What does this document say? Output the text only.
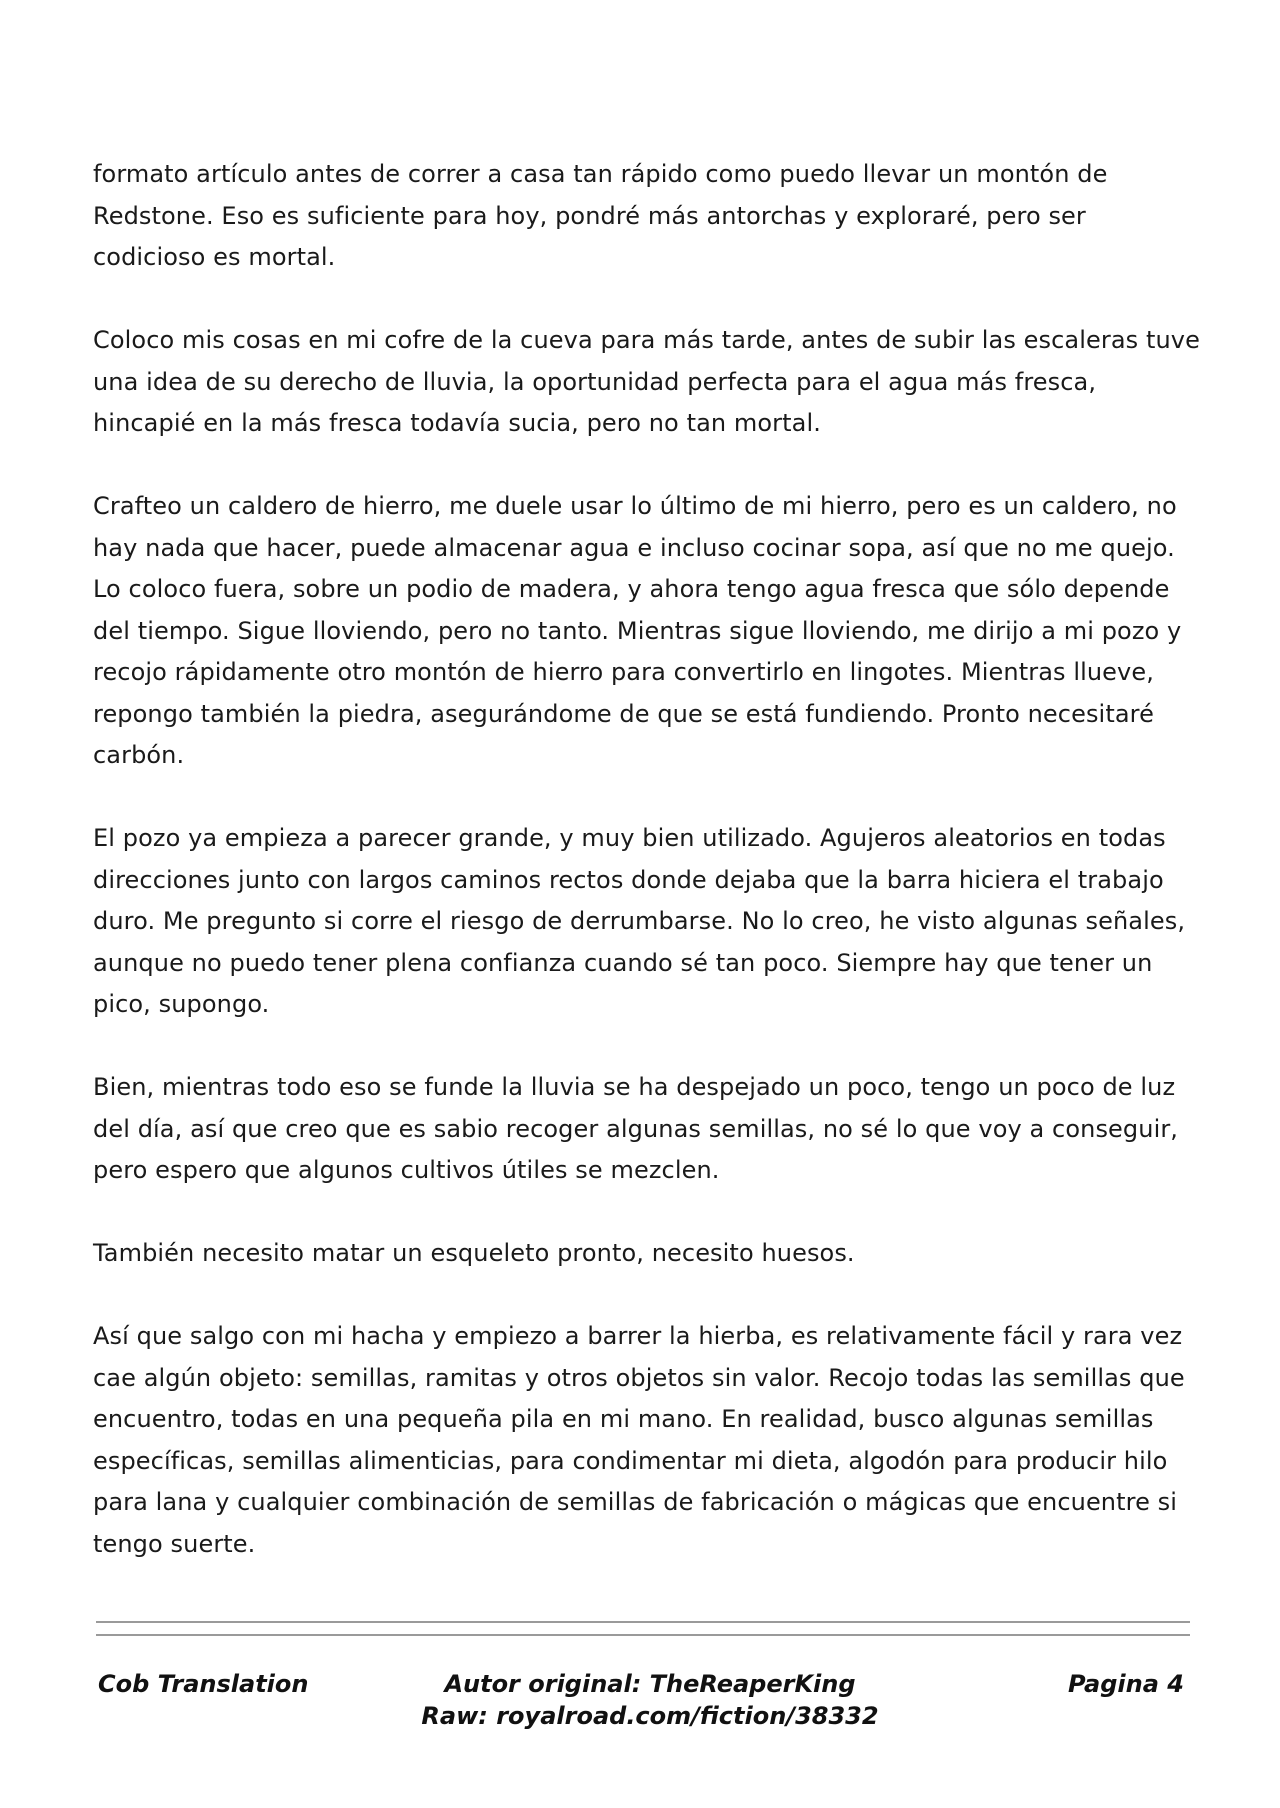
formato artículo antes de correr a casa tan rápido como puedo llevar un montón de Redstone. Eso es suficiente para hoy, pondré más antorchas y exploraré, pero ser codicioso es mortal.

Coloco mis cosas en mi cofre de la cueva para más tarde, antes de subir las escaleras tuve una idea de su derecho de lluvia, la oportunidad perfecta para el agua más fresca, hincapié en la más fresca todavía sucia, pero no tan mortal.

Crafteo un caldero de hierro, me duele usar lo último de mi hierro, pero es un caldero, no hay nada que hacer, puede almacenar agua e incluso cocinar sopa, así que no me quejo. Lo coloco fuera, sobre un podio de madera, y ahora tengo agua fresca que sólo depende del tiempo. Sigue lloviendo, pero no tanto. Mientras sigue lloviendo, me dirijo a mi pozo y recojo rápidamente otro montón de hierro para convertirlo en lingotes. Mientras llueve, repongo también la piedra, asegurándome de que se está fundiendo. Pronto necesitaré carbón.

El pozo ya empieza a parecer grande, y muy bien utilizado. Agujeros aleatorios en todas direcciones junto con largos caminos rectos donde dejaba que la barra hiciera el trabajo duro. Me pregunto si corre el riesgo de derrumbarse. No lo creo, he visto algunas señales, aunque no puedo tener plena confianza cuando sé tan poco. Siempre hay que tener un pico, supongo.

Bien, mientras todo eso se funde la lluvia se ha despejado un poco, tengo un poco de luz del día, así que creo que es sabio recoger algunas semillas, no sé lo que voy a conseguir, pero espero que algunos cultivos útiles se mezclen.

También necesito matar un esqueleto pronto, necesito huesos.

Así que salgo con mi hacha y empiezo a barrer la hierba, es relativamente fácil y rara vez cae algún objeto: semillas, ramitas y otros objetos sin valor. Recojo todas las semillas que encuentro, todas en una pequeña pila en mi mano. En realidad, busco algunas semillas específicas, semillas alimenticias, para condimentar mi dieta, algodón para producir hilo para lana y cualquier combinación de semillas de fabricación o mágicas que encuentre si tengo suerte.

Cob Translation	Autor original: TheReaperKing
Raw: royalroad.com/fiction/38332
Pagina 4
